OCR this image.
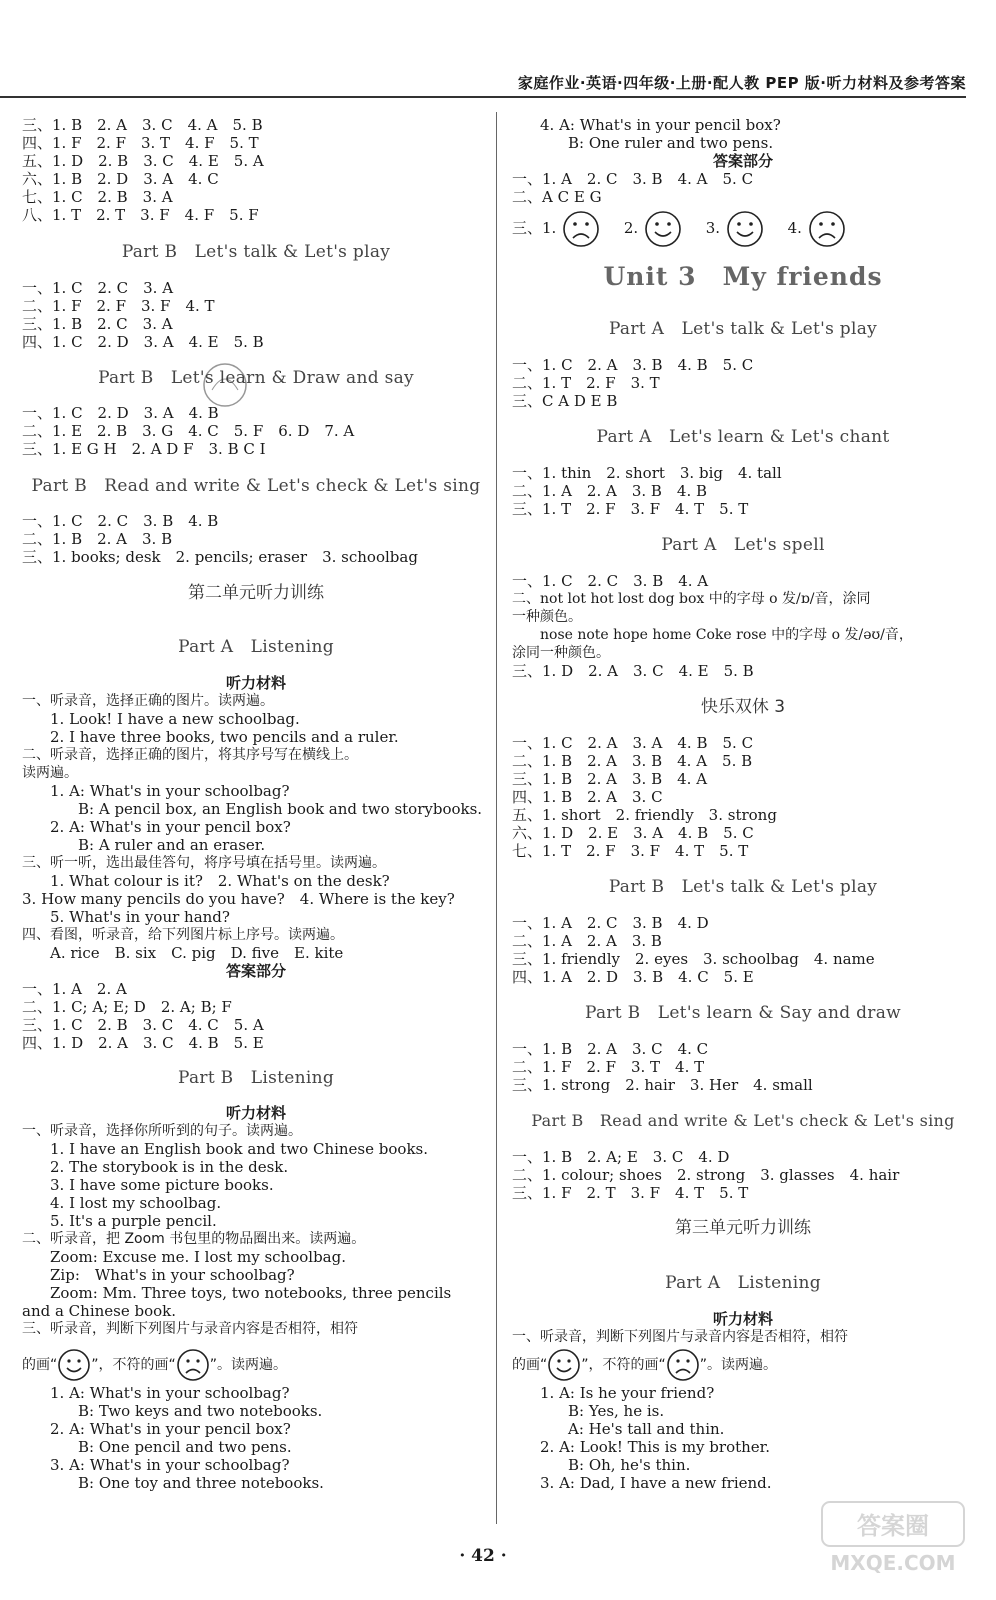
家庭作业·英语·四年级·上册·配人教 PEP 版·听力材料及参考答案
三、1. B　2. A　3. C　4. A　5. B
四、1. F　2. F　3. T　4. F　5. T
五、1. D　2. B　3. C　4. E　5. A
六、1. B　2. D　3. A　4. C
七、1. C　2. B　3. A
八、1. T　2. T　3. F　4. F　5. F
Part B　Let's talk & Let's play
一、1. C　2. C　3. A
二、1. F　2. F　3. F　4. T
三、1. B　2. C　3. A
四、1. C　2. D　3. A　4. E　5. B
Part B　Let's learn & Draw and say
一、1. C　2. D　3. A　4. B
二、1. E　2. B　3. G　4. C　5. F　6. D　7. A
三、1. E G H　2. A D F　3. B C I
Part B　Read and write & Let's check & Let's sing
一、1. C　2. C　3. B　4. B
二、1. B　2. A　3. B
三、1. books; desk　2. pencils; eraser　3. schoolbag
第二单元听力训练
Part A　Listening
听力材料
一、听录音，选择正确的图片。读两遍。
1. Look! I have a new schoolbag.
2. I have three books, two pencils and a ruler.
二、听录音，选择正确的图片，将其序号写在横线上。
读两遍。
1. A: What's in your schoolbag?
B: A pencil box, an English book and two storybooks.
2. A: What's in your pencil box?
B: A ruler and an eraser.
三、听一听，选出最佳答句，将序号填在括号里。读两遍。
1. What colour is it?　2. What's on the desk?
3. How many pencils do you have?　4. Where is the key?
5. What's in your hand?
四、看图，听录音，给下列图片标上序号。读两遍。
A. rice　B. six　C. pig　D. five　E. kite
答案部分
一、1. A　2. A
二、1. C; A; E; D　2. A; B; F
三、1. C　2. B　3. C　4. C　5. A
四、1. D　2. A　3. C　4. B　5. E
Part B　Listening
听力材料
一、听录音，选择你所听到的句子。读两遍。
1. I have an English book and two Chinese books.
2. The storybook is in the desk.
3. I have some picture books.
4. I lost my schoolbag.
5. It's a purple pencil.
二、听录音，把 Zoom 书包里的物品圈出来。读两遍。
Zoom: Excuse me. I lost my schoolbag.
Zip:　What's in your schoolbag?
Zoom: Mm. Three toys, two notebooks, three pencils
and a Chinese book.
三、听录音，判断下列图片与录音内容是否相符，相符
的画“ ”，不符的画“ ”。读两遍。
1. A: What's in your schoolbag?
B: Two keys and two notebooks.
2. A: What's in your pencil box?
B: One pencil and two pens.
3. A: What's in your schoolbag?
B: One toy and three notebooks.
4. A: What's in your pencil box?
B: One ruler and two pens.
答案部分
一、1. A　2. C　3. B　4. A　5. C
二、A C E G
三、1.	2.	3.	4.
Unit 3　My friends
Part A　Let's talk & Let's play
一、1. C　2. A　3. B　4. B　5. C
二、1. T　2. F　3. T
三、C A D E B
Part A　Let's learn & Let's chant
一、1. thin　2. short　3. big　4. tall
二、1. A　2. A　3. B　4. B
三、1. T　2. F　3. F　4. T　5. T
Part A　Let's spell
一、1. C　2. C　3. B　4. A
二、not lot hot lost dog box 中的字母 o 发/ɒ/音，涂同
一种颜色。
nose note hope home Coke rose 中的字母 o 发/əʊ/音，
涂同一种颜色。
三、1. D　2. A　3. C　4. E　5. B
快乐双休 3
一、1. C　2. A　3. A　4. B　5. C
二、1. B　2. A　3. B　4. A　5. B
三、1. B　2. A　3. B　4. A
四、1. B　2. A　3. C
五、1. short　2. friendly　3. strong
六、1. D　2. E　3. A　4. B　5. C
七、1. T　2. F　3. F　4. T　5. T
Part B　Let's talk & Let's play
一、1. A　2. C　3. B　4. D
二、1. A　2. A　3. B
三、1. friendly　2. eyes　3. schoolbag　4. name
四、1. A　2. D　3. B　4. C　5. E
Part B　Let's learn & Say and draw
一、1. B　2. A　3. C　4. C
二、1. F　2. F　3. T　4. T
三、1. strong　2. hair　3. Her　4. small
Part B　Read and write & Let's check & Let's sing
一、1. B　2. A; E　3. C　4. D
二、1. colour; shoes　2. strong　3. glasses　4. hair
三、1. F　2. T　3. F　4. T　5. T
第三单元听力训练
Part A　Listening
听力材料
一、听录音，判断下列图片与录音内容是否相符，相符
的画“ ”，不符的画“ ”。读两遍。
1. A: Is he your friend?
B: Yes, he is.
A: He's tall and thin.
2. A: Look! This is my brother.
B: Oh, he's thin.
3. A: Dad, I have a new friend.
· 42 ·
答案圈
MXQE.COM
